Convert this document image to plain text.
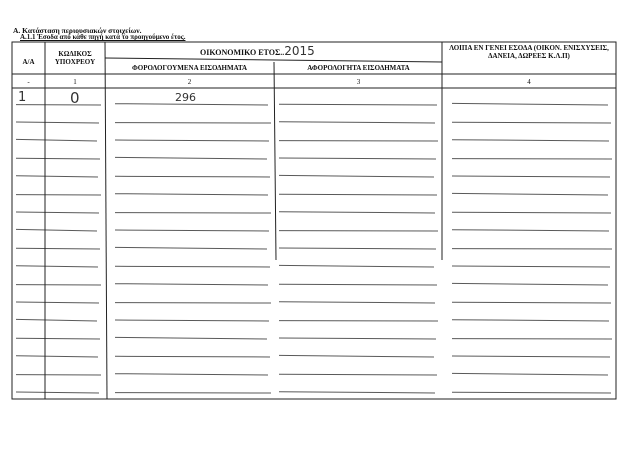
Α. Κατάσταση περιουσιακών στοιχείων.
Α.1.1 Έσοδα από κάθε πηγή κατά το προηγούμενο έτος.
Α/Α
ΚΩΔΙΚΟΣ ΥΠΟΧΡΕΟΥ
ΟΙΚΟΝΟΜΙΚΟ ΕΤΟΣ..2015
ΦΟΡΟΛΟΓΟΥΜΕΝΑ ΕΙΣΟΔΗΜΑΤΑ	ΑΦΟΡΟΛΟΓΗΤΑ ΕΙΣΟΔΗΜΑΤΑ
ΛΟΙΠΑ ΕΝ ΓΕΝΕΙ ΕΣΟΔΑ (ΟΙΚΟΝ. ΕΝΙΣΧΥΣΕΙΣ, ΔΑΝΕΙΑ, ΔΩΡΕΕΣ Κ.Λ.Π)
-	1	2	3	4
1	0	296
